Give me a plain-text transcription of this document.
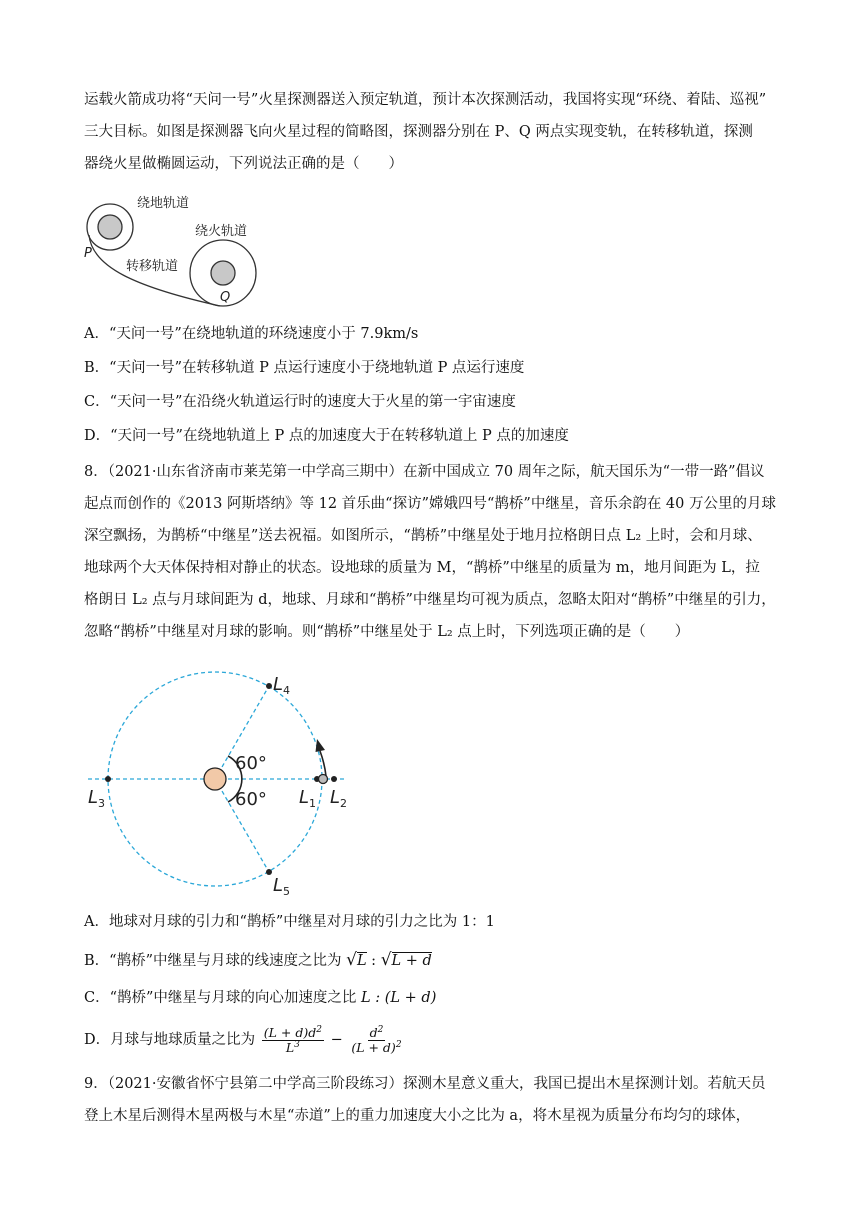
运载火箭成功将“天问一号”火星探测器送入预定轨道，预计本次探测活动，我国将实现“环绕、着陆、巡视”
三大目标。如图是探测器飞向火星过程的简略图，探测器分别在 P、Q 两点实现变轨，在转移轨道，探测
器绕火星做椭圆运动，下列说法正确的是（　　）
绕地轨道
绕火轨道
转移轨道
P
Q
A．“天问一号”在绕地轨道的环绕速度小于 7.9km/s
B．“天问一号”在转移轨道 P 点运行速度小于绕地轨道 P 点运行速度
C．“天问一号”在沿绕火轨道运行时的速度大于火星的第一宇宙速度
D．“天问一号”在绕地轨道上 P 点的加速度大于在转移轨道上 P 点的加速度
8．（2021·山东省济南市莱芜第一中学高三期中）在新中国成立 70 周年之际，航天国乐为“一带一路”倡议
起点而创作的《2013 阿斯塔纳》等 12 首乐曲“探访”嫦娥四号“鹊桥”中继星，音乐余韵在 40 万公里的月球
深空飘扬，为鹊桥“中继星”送去祝福。如图所示，“鹊桥”中继星处于地月拉格朗日点 L₂ 上时，会和月球、
地球两个大天体保持相对静止的状态。设地球的质量为 M，“鹊桥”中继星的质量为 m，地月间距为 L，拉
格朗日 L₂ 点与月球间距为 d，地球、月球和“鹊桥”中继星均可视为质点，忽略太阳对“鹊桥”中继星的引力，
忽略“鹊桥”中继星对月球的影响。则“鹊桥”中继星处于 L₂ 点上时，下列选项正确的是（　　）
60°
60°
$L_4$
$L_1$ $L_2$
$L_3$
$L_5$
A．地球对月球的引力和“鹊桥”中继星对月球的引力之比为 1：1
B．“鹊桥”中继星与月球的线速度之比为 √L : √L + d
C．“鹊桥”中继星与月球的向心加速度之比 L : (L + d)
D．月球与地球质量之比为 $\frac{(L + d)d^2}{L^3} - \frac{d^2}{(L + d)^2}$
9．（2021·安徽省怀宁县第二中学高三阶段练习）探测木星意义重大，我国已提出木星探测计划。若航天员
登上木星后测得木星两极与木星“赤道”上的重力加速度大小之比为 a，将木星视为质量分布均匀的球体，
